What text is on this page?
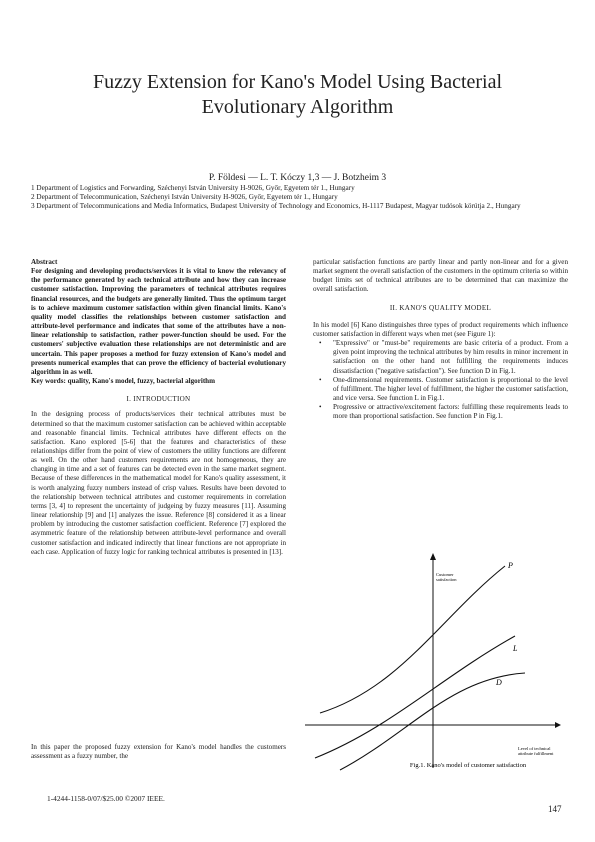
Fuzzy Extension for Kano's Model Using Bacterial
Evolutionary Algorithm
P. Földesi — L. T. Kóczy 1,3 — J. Botzheim 3
1 Department of Logistics and Forwarding, Széchenyi István University H-9026, Győr, Egyetem tér 1., Hungary
2 Department of Telecommunication, Széchenyi István University H-9026, Győr, Egyetem tér 1., Hungary
3 Department of Telecommunications and Media Informatics, Budapest University of Technology and Economics, H-1117 Budapest, Magyar tudósok körútja 2., Hungary

Abstract

For designing and developing products/services it is vital to know the relevancy of the performance generated by each technical attribute and how they can increase customer satisfaction. Improving the parameters of technical attributes requires financial resources, and the budgets are generally limited. Thus the optimum target is to achieve maximum customer satisfaction within given financial limits. Kano's quality model classifies the relationships between customer satisfaction and attribute-level performance and indicates that some of the attributes have a non-linear relationship to satisfaction, rather power-function should be used. For the customers' subjective evaluation these relationships are not deterministic and are uncertain. This paper proposes a method for fuzzy extension of Kano's model and presents numerical examples that can prove the efficiency of bacterial evolutionary algorithm in as well.

Key words: quality, Kano's model, fuzzy, bacterial algorithm

I. INTRODUCTION

In the designing process of products/services their technical attributes must be determined so that the maximum customer satisfaction can be achieved within acceptable and reasonable financial limits. Technical attributes have different effects on the satisfaction. Kano explored [5-6] that the features and characteristics of these relationships differ from the point of view of customers the utility functions are different as well. On the other hand customers requirements are not homogeneous, they are changing in time and a set of features can be detected even in the same market segment. Because of these differences in the mathematical model for Kano's quality assessment, it is worth analyzing fuzzy numbers instead of crisp values. Results have been devoted to the relationship between technical attributes and customer requirements in correlation terms [3, 4] to represent the uncertainty of judgeing by fuzzy measures [11]. Assuming linear relationship [9] and [1] analyzes the issue. Reference [8] considered it as a linear problem by introducing the customer satisfaction coefficient. Reference [7] explored the asymmetric feature of the relationship between attribute-level performance and overall customer satisfaction and indicated indirectly that linear functions are not appropriate in each case. Application of fuzzy logic for ranking technical attributes is presented in [13].

In this paper the proposed fuzzy extension for Kano's model handles the customers assessment as a fuzzy number, the

particular satisfaction functions are partly linear and partly non-linear and for a given market segment the overall satisfaction of the customers in the optimum criteria so within budget limits set of technical attributes are to be determined that can maximize the overall satisfaction.

II. KANO'S QUALITY MODEL

In his model [6] Kano distinguishes three types of product requirements which influence customer satisfaction in different ways when met (see Figure 1):

• "Expressive" or "must-be" requirements are basic criteria of a product. From a given point improving the technical attributes by him results in minor increment in satisfaction on the other hand not fulfilling the requirements induces dissatisfaction ("negative satisfaction"). See function D in Fig.1.
• One-dimensional requirements. Customer satisfaction is proportional to the level of fulfillment. The higher level of fulfillment, the higher the customer satisfaction, and vice versa. See function L in Fig.1.
• Progressive or attractive/excitement factors: fulfilling these requirements leads to more than proportional satisfaction. See function P in Fig.1.
P
L
D
Customer
satisfaction
Level of technical
attribute fulfillment
Fig.1. Kano's model of customer satisfaction
1-4244-1158-0/07/$25.00 ©2007 IEEE.
147
